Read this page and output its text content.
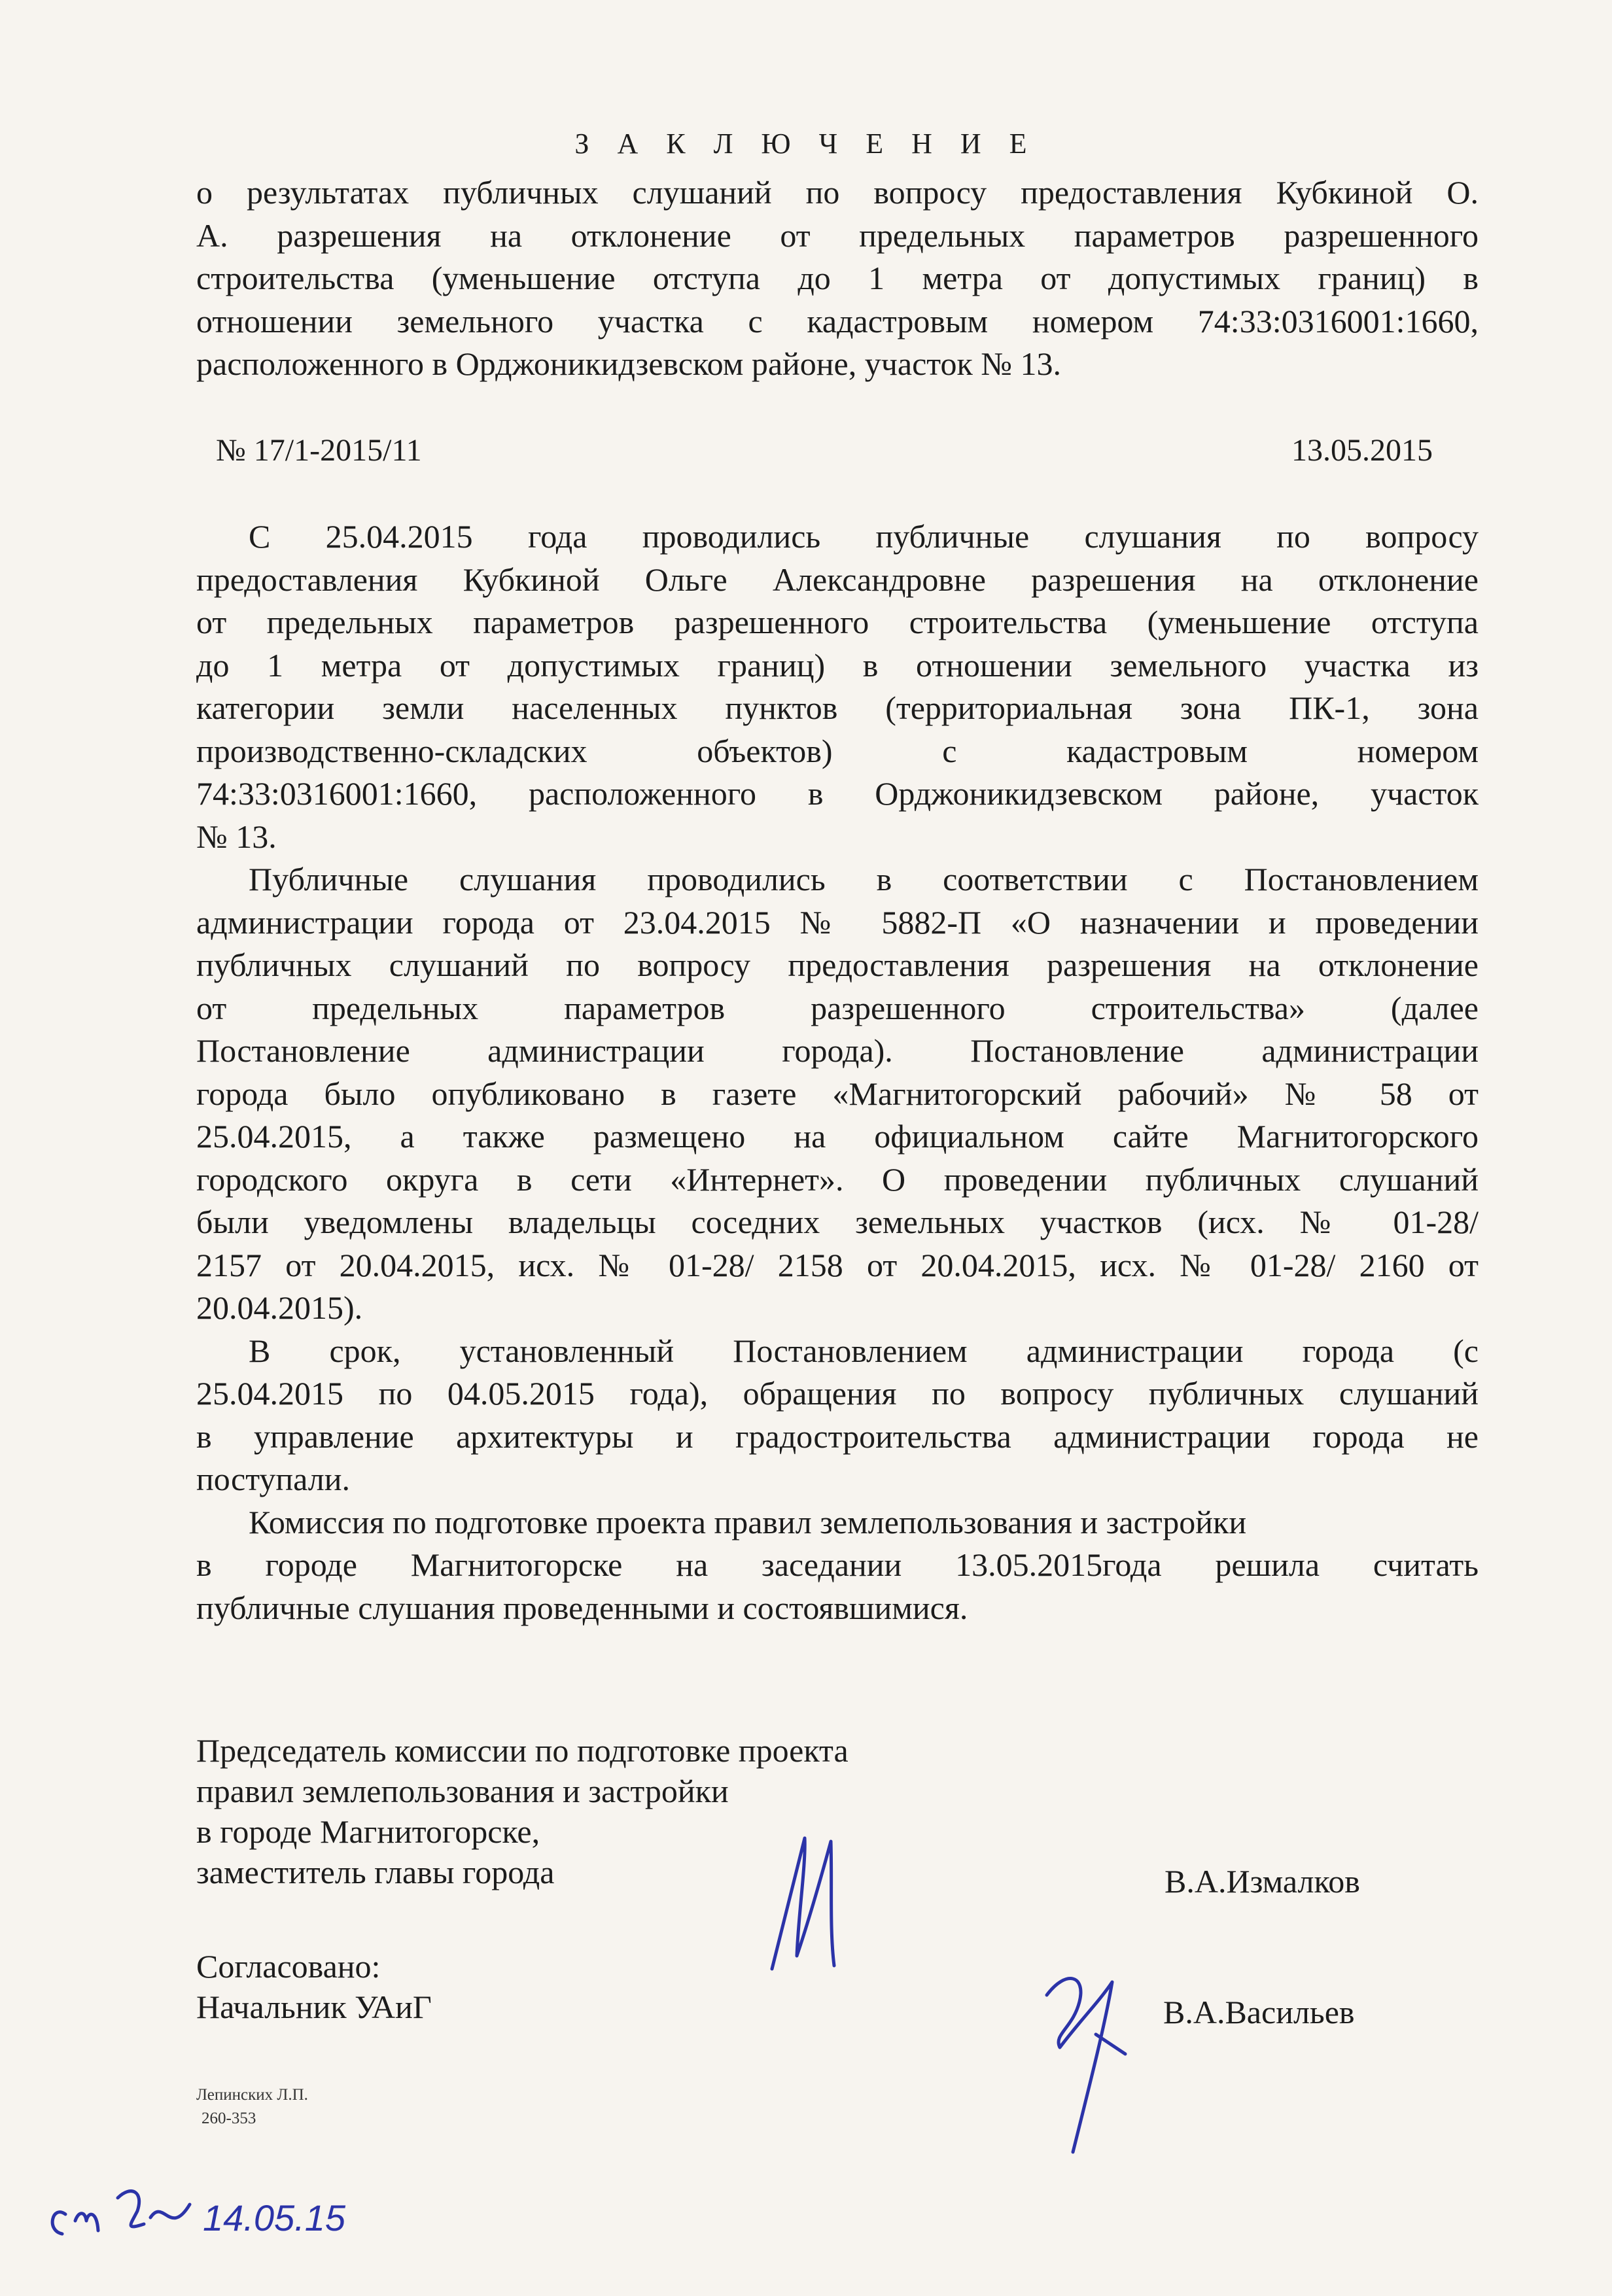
З А К Л Ю Ч Е Н И Е

о результатах публичных слушаний по вопросу предоставления Кубкиной О.

А. разрешения на отклонение от предельных параметров разрешенного

строительства (уменьшение отступа до 1 метра от допустимых границ) в

отношении земельного участка с кадастровым номером 74:33:0316001:1660,

расположенного в Орджоникидзевском районе, участок № 13.

№ 17/1-2015/11	13.05.2015

С 25.04.2015 года проводились публичные слушания по вопросу

предоставления Кубкиной Ольге Александровне разрешения на отклонение

от предельных параметров разрешенного строительства (уменьшение отступа

до 1 метра от допустимых границ) в отношении земельного участка из

категории земли населенных пунктов (территориальная зона ПК-1, зона

производственно-складских объектов) с кадастровым номером

74:33:0316001:1660, расположенного в Орджоникидзевском районе, участок

№ 13.

Публичные слушания проводились в соответствии с Постановлением

администрации города от 23.04.2015 № 5882-П «О назначении и проведении

публичных слушаний по вопросу предоставления разрешения на отклонение

от предельных параметров разрешенного строительства» (далее

Постановление администрации города). Постановление администрации

города было опубликовано в газете «Магнитогорский рабочий» № 58 от

25.04.2015, а также размещено на официальном сайте Магнитогорского

городского округа в сети «Интернет». О проведении публичных слушаний

были уведомлены владельцы соседних земельных участков (исх. № 01-28/

2157 от 20.04.2015, исх. № 01-28/ 2158 от 20.04.2015, исх. № 01-28/ 2160 от

20.04.2015).

В срок, установленный Постановлением администрации города (с

25.04.2015 по 04.05.2015 года), обращения по вопросу публичных слушаний

в управление архитектуры и градостроительства администрации города не

поступали.

Комиссия по подготовке проекта правил землепользования и застройки

в городе Магнитогорске на заседании 13.05.2015года решила считать

публичные слушания проведенными и состоявшимися.

Председатель комиссии по подготовке проекта
правил землепользования и застройки
в городе Магнитогорске,
заместитель главы города	В.А.Измалков
Согласовано:
Начальник УАиГ	В.А.Васильев
Лепинских Л.П.
260-353
14.05.15
